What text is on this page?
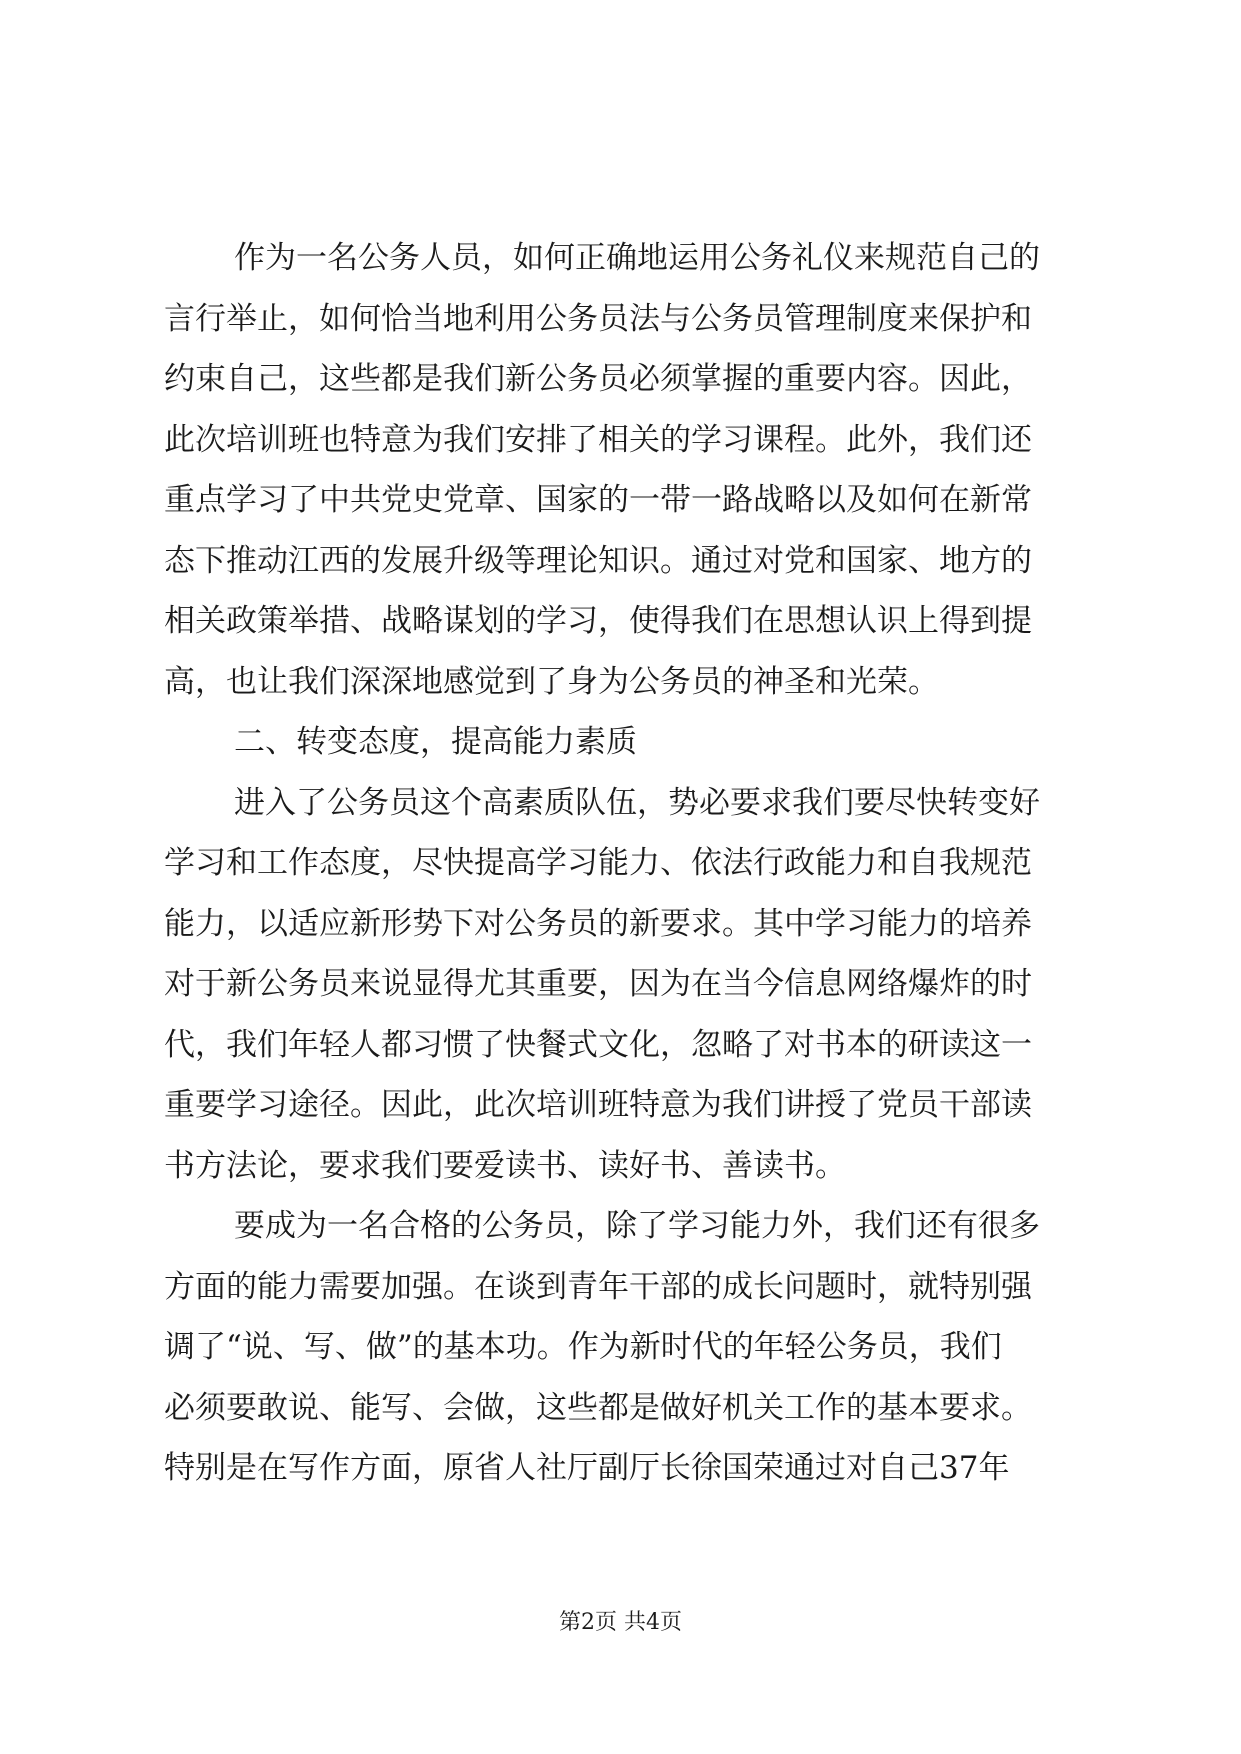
作为一名公务人员，如何正确地运用公务礼仪来规范自己的
言行举止，如何恰当地利用公务员法与公务员管理制度来保护和
约束自己，这些都是我们新公务员必须掌握的重要内容。因此，
此次培训班也特意为我们安排了相关的学习课程。此外，我们还
重点学习了中共党史党章、国家的一带一路战略以及如何在新常
态下推动江西的发展升级等理论知识。通过对党和国家、地方的
相关政策举措、战略谋划的学习，使得我们在思想认识上得到提
高，也让我们深深地感觉到了身为公务员的神圣和光荣。
二、转变态度，提高能力素质
进入了公务员这个高素质队伍，势必要求我们要尽快转变好
学习和工作态度，尽快提高学习能力、依法行政能力和自我规范
能力，以适应新形势下对公务员的新要求。其中学习能力的培养
对于新公务员来说显得尤其重要，因为在当今信息网络爆炸的时
代，我们年轻人都习惯了快餐式文化，忽略了对书本的研读这一
重要学习途径。因此，此次培训班特意为我们讲授了党员干部读
书方法论，要求我们要爱读书、读好书、善读书。
要成为一名合格的公务员，除了学习能力外，我们还有很多
方面的能力需要加强。在谈到青年干部的成长问题时，就特别强
调了“说、写、做”的基本功。作为新时代的年轻公务员，我们
必须要敢说、能写、会做，这些都是做好机关工作的基本要求。
特别是在写作方面，原省人社厅副厅长徐国荣通过对自己37年
第2页 共4页
